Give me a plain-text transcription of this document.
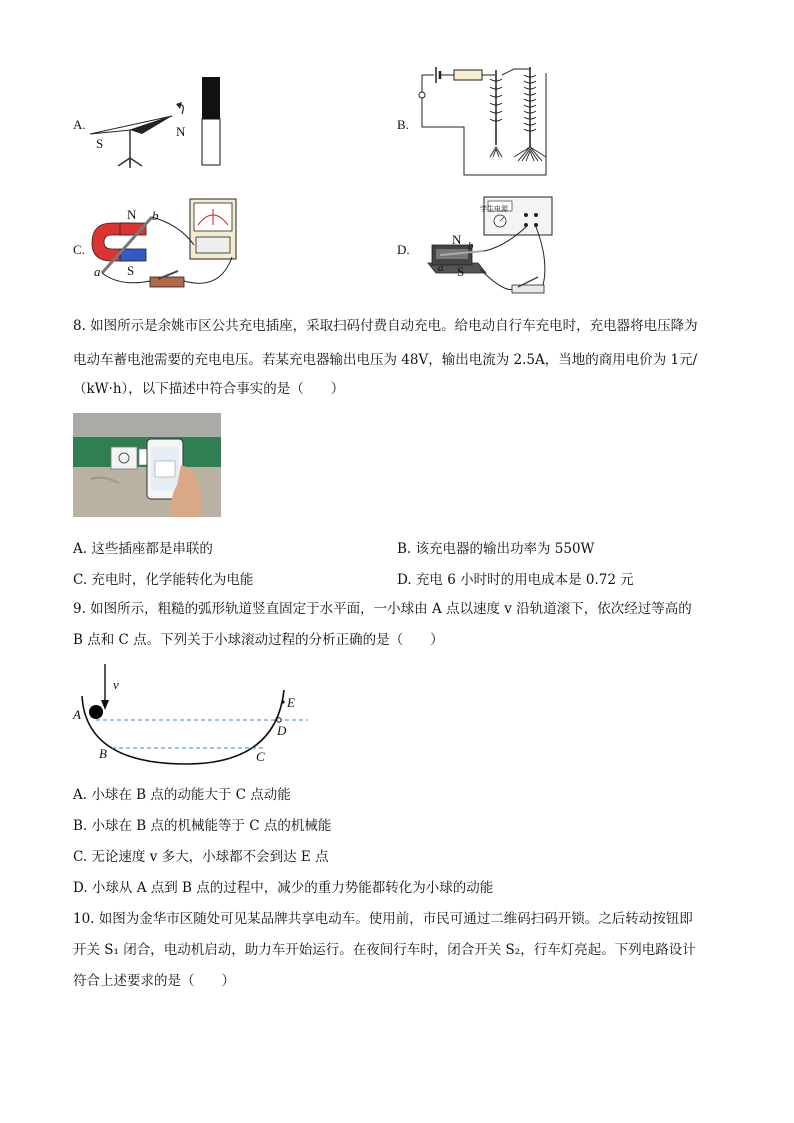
A.
S
N	B.
C.
N
S
a
b
D.
学生电源
N
S
a
b
8. 如图所示是余姚市区公共充电插座，采取扫码付费自动充电。给电动自行车充电时，充电器将电压降为
电动车蓄电池需要的充电电压。若某充电器输出电压为 48V，输出电流为 2.5A，当地的商用电价为 1元/
（kW·h），以下描述中符合事实的是（　　）
A. 这些插座都是串联的	B. 该充电器的输出功率为 550W
C. 充电时，化学能转化为电能	D. 充电 6 小时时的用电成本是 0.72 元
9. 如图所示，粗糙的弧形轨道竖直固定于水平面，一小球由 A 点以速度 v 沿轨道滚下，依次经过等高的
B 点和 C 点。下列关于小球滚动过程的分析正确的是（　　）
v
A
B	C
D
E
A. 小球在 B 点的动能大于 C 点动能
B. 小球在 B 点的机械能等于 C 点的机械能
C. 无论速度 v 多大，小球都不会到达 E 点
D. 小球从 A 点到 B 点的过程中，减少的重力势能都转化为小球的动能
10. 如图为金华市区随处可见某品牌共享电动车。使用前，市民可通过二维码扫码开锁。之后转动按钮即
开关 S₁ 闭合，电动机启动，助力车开始运行。在夜间行车时，闭合开关 S₂，行车灯亮起。下列电路设计
符合上述要求的是（　　）
